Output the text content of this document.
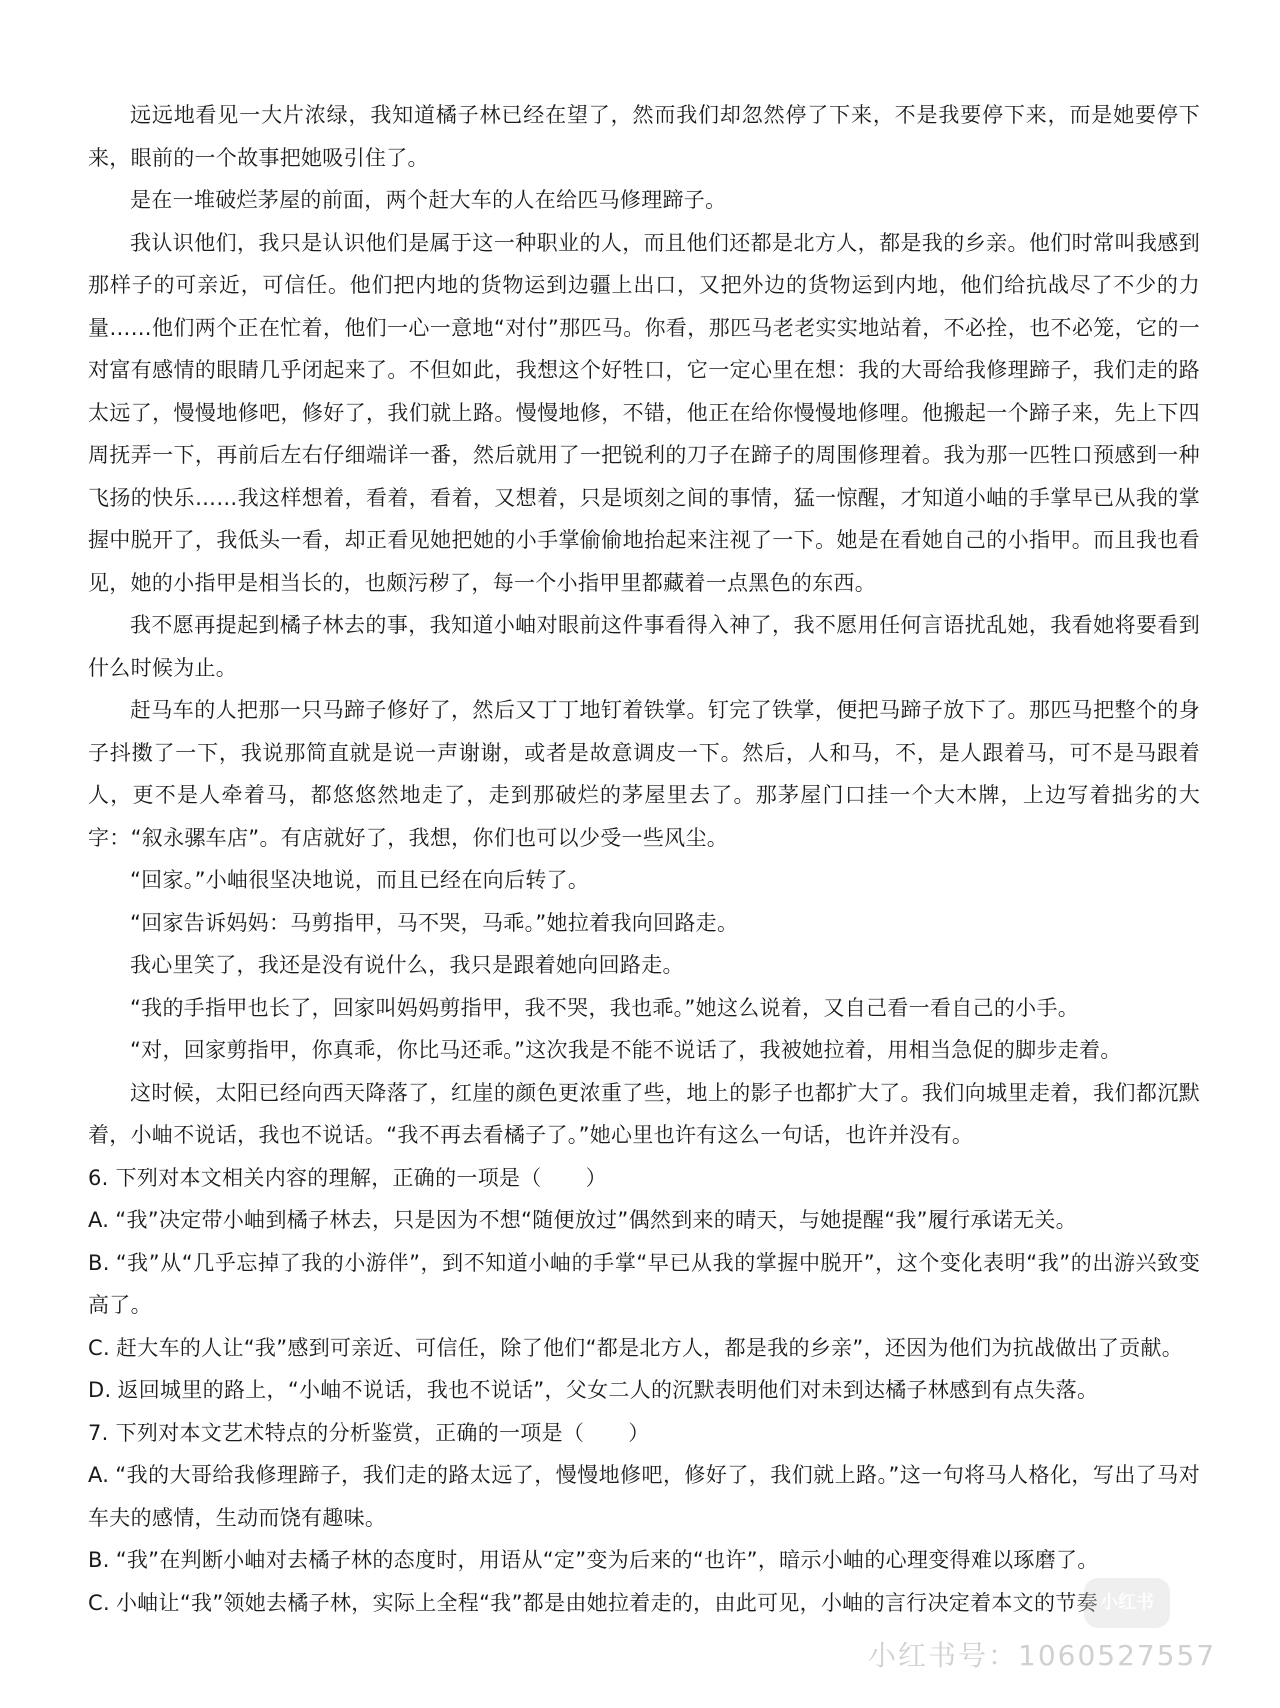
远远地看见一大片浓绿，我知道橘子林已经在望了，然而我们却忽然停了下来，不是我要停下来，而是她要停下来，眼前的一个故事把她吸引住了。

是在一堆破烂茅屋的前面，两个赶大车的人在给匹马修理蹄子。

我认识他们，我只是认识他们是属于这一种职业的人，而且他们还都是北方人，都是我的乡亲。他们时常叫我感到那样子的可亲近，可信任。他们把内地的货物运到边疆上出口，又把外边的货物运到内地，他们给抗战尽了不少的力量……他们两个正在忙着，他们一心一意地“对付”那匹马。你看，那匹马老老实实地站着，不必拴，也不必笼，它的一对富有感情的眼睛几乎闭起来了。不但如此，我想这个好牲口，它一定心里在想：我的大哥给我修理蹄子，我们走的路太远了，慢慢地修吧，修好了，我们就上路。慢慢地修，不错，他正在给你慢慢地修哩。他搬起一个蹄子来，先上下四周抚弄一下，再前后左右仔细端详一番，然后就用了一把锐利的刀子在蹄子的周围修理着。我为那一匹牲口预感到一种飞扬的快乐……我这样想着，看着，看着，又想着，只是顷刻之间的事情，猛一惊醒，才知道小岫的手掌早已从我的掌握中脱开了，我低头一看，却正看见她把她的小手掌偷偷地抬起来注视了一下。她是在看她自己的小指甲。而且我也看见，她的小指甲是相当长的，也颇污秽了，每一个小指甲里都藏着一点黑色的东西。

我不愿再提起到橘子林去的事，我知道小岫对眼前这件事看得入神了，我不愿用任何言语扰乱她，我看她将要看到什么时候为止。

赶马车的人把那一只马蹄子修好了，然后又丁丁地钉着铁掌。钉完了铁掌，便把马蹄子放下了。那匹马把整个的身子抖擞了一下，我说那简直就是说一声谢谢，或者是故意调皮一下。然后，人和马，不，是人跟着马，可不是马跟着人，更不是人牵着马，都悠悠然地走了，走到那破烂的茅屋里去了。那茅屋门口挂一个大木牌，上边写着拙劣的大字：“叙永骡车店”。有店就好了，我想，你们也可以少受一些风尘。

“回家。”小岫很坚决地说，而且已经在向后转了。

“回家告诉妈妈：马剪指甲，马不哭，马乖。”她拉着我向回路走。

我心里笑了，我还是没有说什么，我只是跟着她向回路走。

“我的手指甲也长了，回家叫妈妈剪指甲，我不哭，我也乖。”她这么说着，又自己看一看自己的小手。

“对，回家剪指甲，你真乖，你比马还乖。”这次我是不能不说话了，我被她拉着，用相当急促的脚步走着。

这时候，太阳已经向西天降落了，红崖的颜色更浓重了些，地上的影子也都扩大了。我们向城里走着，我们都沉默着，小岫不说话，我也不说话。“我不再去看橘子了。”她心里也许有这么一句话，也许并没有。

6. 下列对本文相关内容的理解，正确的一项是（ ）

A. “我”决定带小岫到橘子林去，只是因为不想“随便放过”偶然到来的晴天，与她提醒“我”履行承诺无关。

B. “我”从“几乎忘掉了我的小游伴”，到不知道小岫的手掌“早已从我的掌握中脱开”，这个变化表明“我”的出游兴致变高了。

C. 赶大车的人让“我”感到可亲近、可信任，除了他们“都是北方人，都是我的乡亲”，还因为他们为抗战做出了贡献。

D. 返回城里的路上，“小岫不说话，我也不说话”，父女二人的沉默表明他们对未到达橘子林感到有点失落。

7. 下列对本文艺术特点的分析鉴赏，正确的一项是（ ）

A. “我的大哥给我修理蹄子，我们走的路太远了，慢慢地修吧，修好了，我们就上路。”这一句将马人格化，写出了马对车夫的感情，生动而饶有趣味。

B. “我”在判断小岫对去橘子林的态度时，用语从“定”变为后来的“也许”，暗示小岫的心理变得难以琢磨了。

C. 小岫让“我”领她去橘子林，实际上全程“我”都是由她拉着走的，由此可见，小岫的言行决定着本文的节奏 小红书
小红书号：1060527557
